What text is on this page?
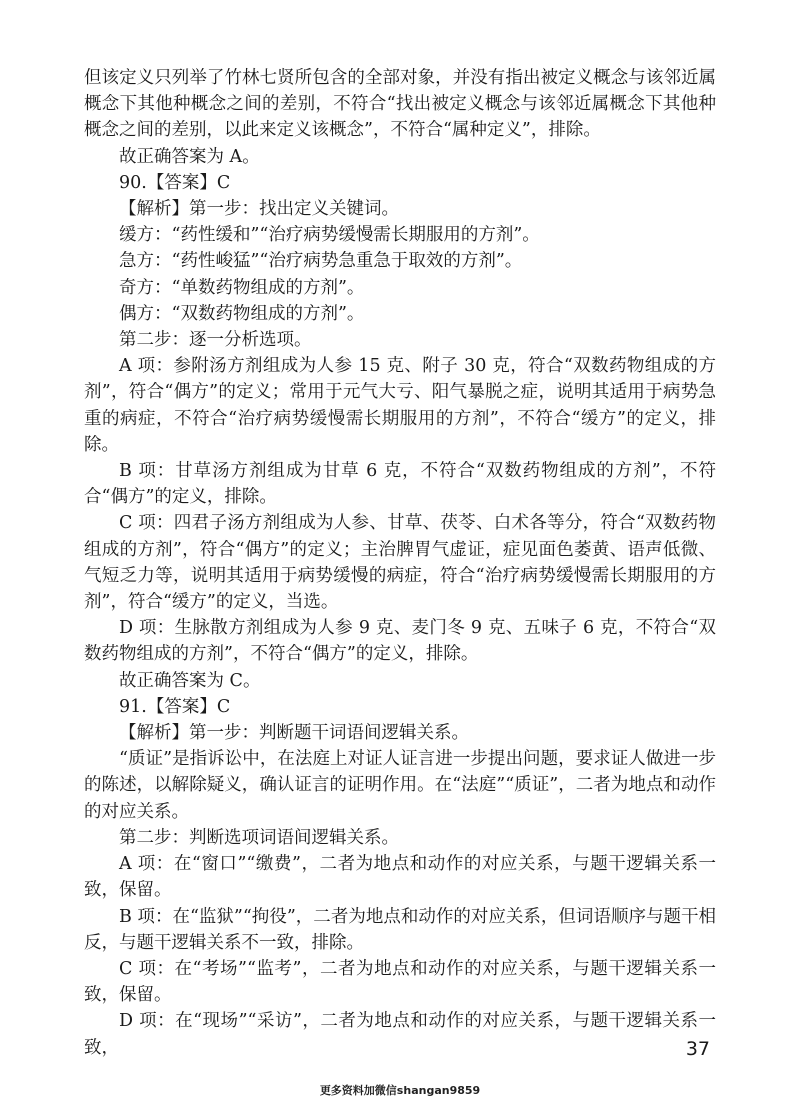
但该定义只列举了竹林七贤所包含的全部对象，并没有指出被定义概念与该邻近属概念下其他种概念之间的差别，不符合“找出被定义概念与该邻近属概念下其他种概念之间的差别，以此来定义该概念”，不符合“属种定义”，排除。

故正确答案为 A。

90.【答案】C

【解析】第一步：找出定义关键词。

缓方：“药性缓和”“治疗病势缓慢需长期服用的方剂”。

急方：“药性峻猛”“治疗病势急重急于取效的方剂”。

奇方：“单数药物组成的方剂”。

偶方：“双数药物组成的方剂”。

第二步：逐一分析选项。

A 项：参附汤方剂组成为人参 15 克、附子 30 克，符合“双数药物组成的方剂”，符合“偶方”的定义；常用于元气大亏、阳气暴脱之症，说明其适用于病势急重的病症，不符合“治疗病势缓慢需长期服用的方剂”，不符合“缓方”的定义，排除。

B 项：甘草汤方剂组成为甘草 6 克，不符合“双数药物组成的方剂”，不符合“偶方”的定义，排除。

C 项：四君子汤方剂组成为人参、甘草、茯苓、白术各等分，符合“双数药物组成的方剂”，符合“偶方”的定义；主治脾胃气虚证，症见面色萎黄、语声低微、气短乏力等，说明其适用于病势缓慢的病症，符合“治疗病势缓慢需长期服用的方剂”，符合“缓方”的定义，当选。

D 项：生脉散方剂组成为人参 9 克、麦门冬 9 克、五味子 6 克，不符合“双数药物组成的方剂”，不符合“偶方”的定义，排除。

故正确答案为 C。

91.【答案】C

【解析】第一步：判断题干词语间逻辑关系。

“质证”是指诉讼中，在法庭上对证人证言进一步提出问题，要求证人做进一步的陈述，以解除疑义，确认证言的证明作用。在“法庭”“质证”，二者为地点和动作的对应关系。

第二步：判断选项词语间逻辑关系。

A 项：在“窗口”“缴费”，二者为地点和动作的对应关系，与题干逻辑关系一致，保留。

B 项：在“监狱”“拘役”，二者为地点和动作的对应关系，但词语顺序与题干相反，与题干逻辑关系不一致，排除。

C 项：在“考场”“监考”，二者为地点和动作的对应关系，与题干逻辑关系一致，保留。

D 项：在“现场”“采访”，二者为地点和动作的对应关系，与题干逻辑关系一致，	37
更多资料加微信shangan9859
